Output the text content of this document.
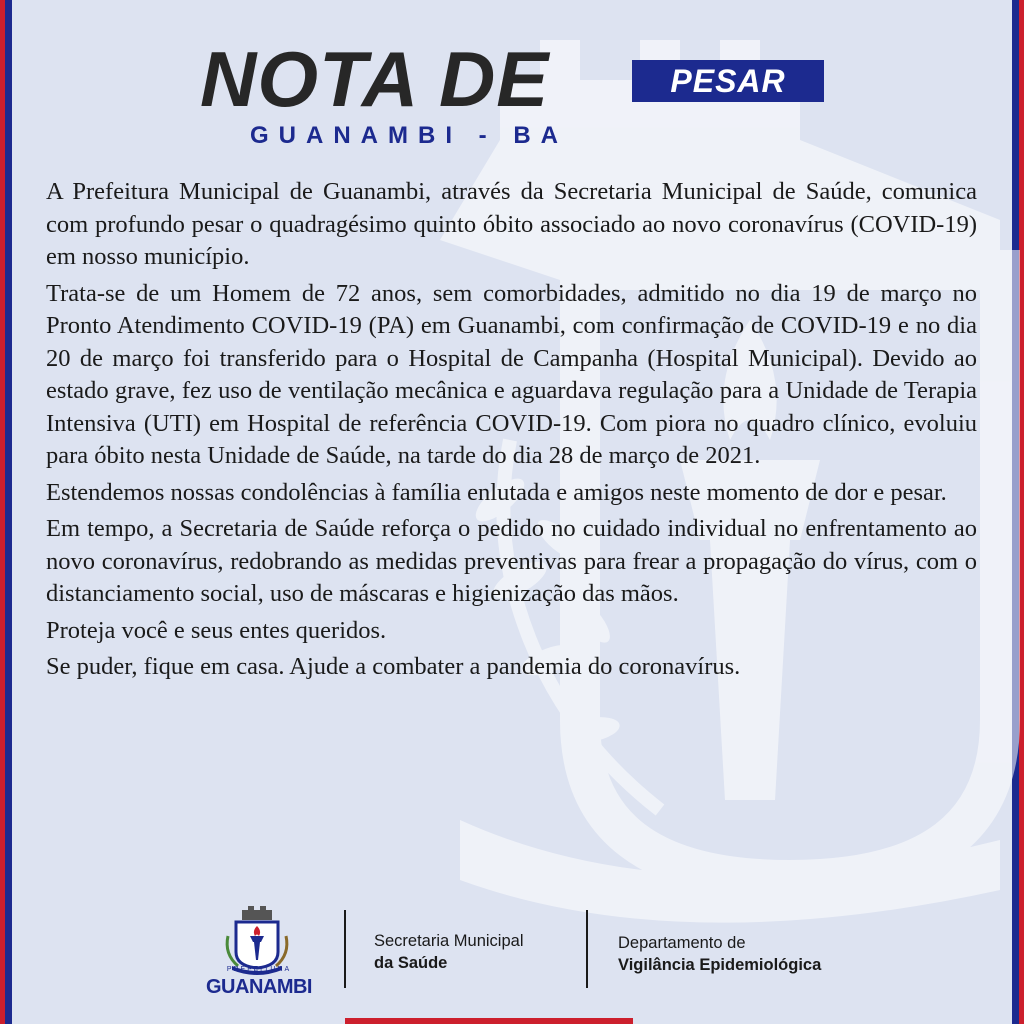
NOTA DE	PESAR
GUANAMBI - BA

A Prefeitura Municipal de Guanambi, através da Secretaria Municipal de Saúde, comunica com profundo pesar o quadragésimo quinto óbito associado ao novo coronavírus (COVID-19) em nosso município.

Trata-se de um Homem de 72 anos, sem comorbidades, admitido no dia 19 de março no Pronto Atendimento COVID-19 (PA) em Guanambi, com confirmação de COVID-19 e no dia 20 de março foi transferido para o Hospital de Campanha (Hospital Municipal). Devido ao estado grave, fez uso de ventilação mecânica e aguardava regulação para a Unidade de Terapia Intensiva (UTI) em Hospital de referência COVID-19. Com piora no quadro clínico, evoluiu para óbito nesta Unidade de Saúde, na tarde do dia 28 de março de 2021.

Estendemos nossas condolências à família enlutada e amigos neste momento de dor e pesar.

Em tempo, a Secretaria de Saúde reforça o pedido no cuidado individual no enfrentamento ao novo coronavírus, redobrando as medidas preventivas para frear a propagação do vírus, com o distanciamento social, uso de máscaras e higienização das mãos.

Proteja você e seus entes queridos.

Se puder, fique em casa. Ajude a combater a pandemia do coronavírus.

PREFEITURA
GUANAMBI
Secretaria Municipal
da Saúde
Departamento de
Vigilância Epidemiológica
